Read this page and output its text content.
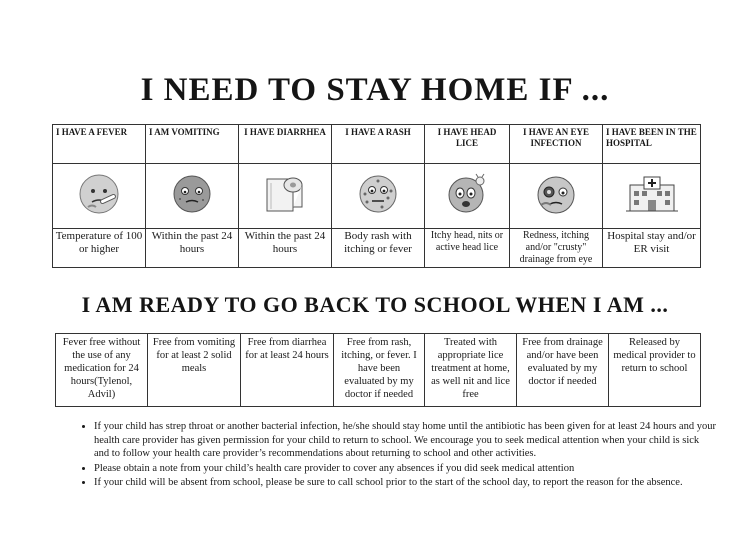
I NEED TO STAY HOME IF ...
I HAVE A FEVER	I AM VOMITING	I HAVE DIARRHEA	I HAVE A RASH	I HAVE HEAD LICE	I HAVE AN EYE INFECTION	I HAVE BEEN IN THE HOSPITAL

Temperature of 100 or higher	Within the past 24 hours	Within the past 24 hours	Body rash with itching or fever	Itchy head, nits or active head lice	Redness, itching and/or "crusty" drainage from eye	Hospital stay and/or ER visit
I AM READY TO GO BACK TO SCHOOL WHEN I AM ...
Fever free without the use of any medication for 24 hours(Tylenol, Advil)	Free from vomiting for at least 2 solid meals	Free from diarrhea for at least 24 hours	Free from rash, itching, or fever. I have been evaluated by my doctor if needed	Treated with appropriate lice treatment at home, as well nit and lice free	Free from drainage and/or have been evaluated by my doctor if needed	Released by medical provider to return to school
• If your child has strep throat or another bacterial infection, he/she should stay home until the antibiotic has been given for at least 24 hours and your health care provider has given permission for your child to return to school. We encourage you to seek medical attention when your child is sick and to follow your health care provider’s recommendations about returning to school and other activities.
• Please obtain a note from your child’s health care provider to cover any absences if you did seek medical attention
• If your child will be absent from school, please be sure to call school prior to the start of the school day, to report the reason for the absence.
